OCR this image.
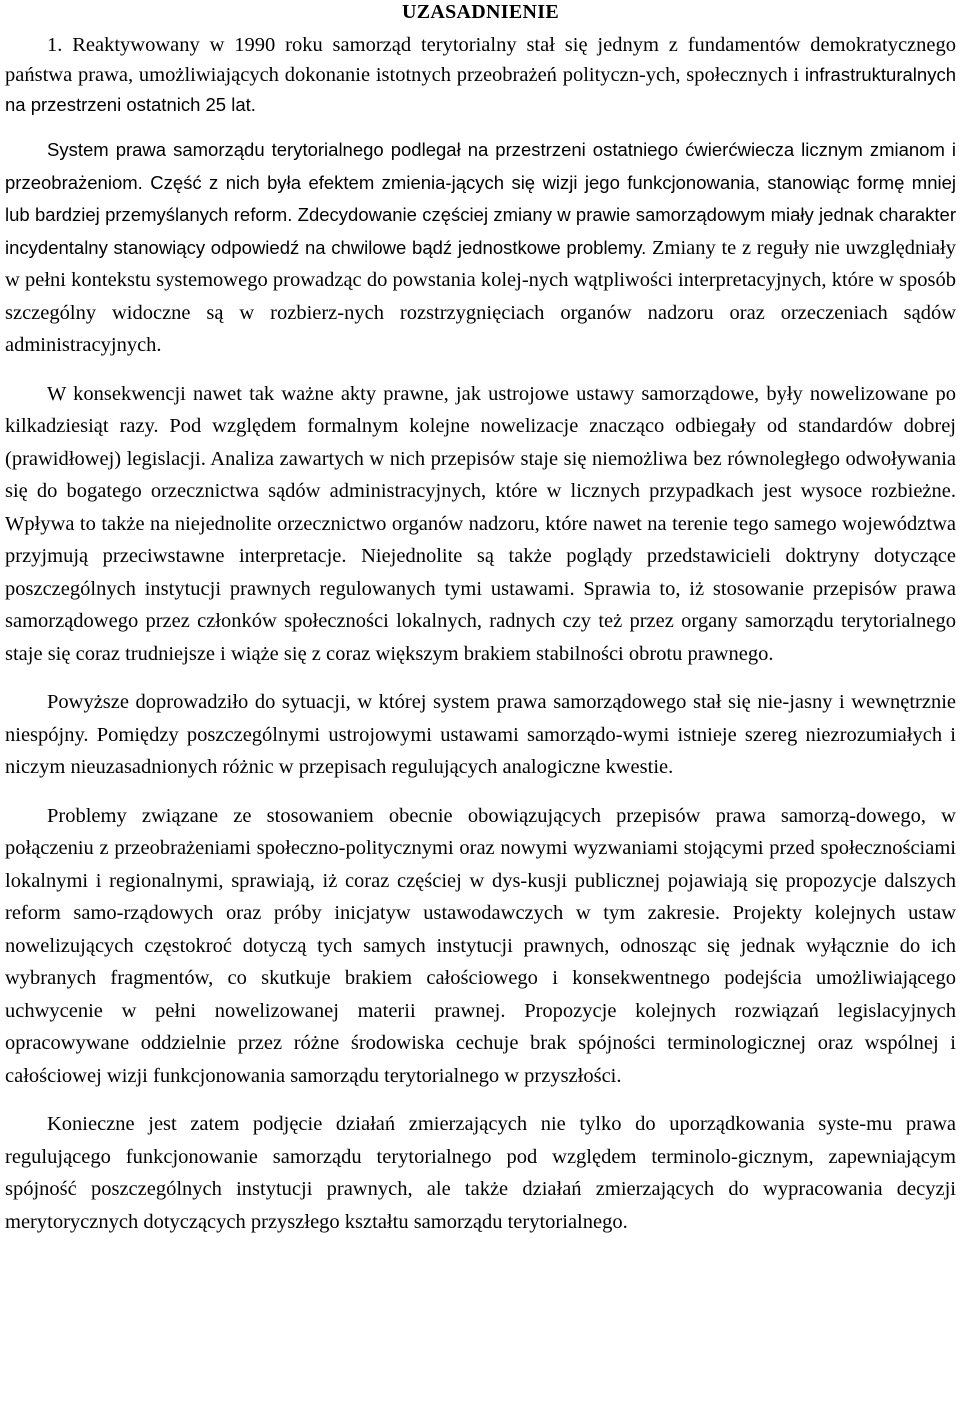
UZASADNIENIE

1. Reaktywowany w 1990 roku samorząd terytorialny stał się jednym z fundamentów demokratycznego państwa prawa, umożliwiających dokonanie istotnych przeobrażeń polityczn-ych, społecznych i infrastrukturalnych na przestrzeni ostatnich 25 lat.

System prawa samorządu terytorialnego podlegał na przestrzeni ostatniego ćwierćwiecza licznym zmianom i przeobrażeniom. Część z nich była efektem zmienia-jących się wizji jego funkcjonowania, stanowiąc formę mniej lub bardziej przemyślanych reform. Zdecydowanie częściej zmiany w prawie samorządowym miały jednak charakter incydentalny stanowiący odpowiedź na chwilowe bądź jednostkowe problemy. Zmiany te z reguły nie uwzględniały w pełni kontekstu systemowego prowadząc do powstania kolej-nych wątpliwości interpretacyjnych, które w sposób szczególny widoczne są w rozbierz-nych rozstrzygnięciach organów nadzoru oraz orzeczeniach sądów administracyjnych.

W konsekwencji nawet tak ważne akty prawne, jak ustrojowe ustawy samorządowe, były nowelizowane po kilkadziesiąt razy. Pod względem formalnym kolejne nowelizacje znacząco odbiegały od standardów dobrej (prawidłowej) legislacji. Analiza zawartych w nich przepisów staje się niemożliwa bez równoległego odwoływania się do bogatego orzecznictwa sądów administracyjnych, które w licznych przypadkach jest wysoce rozbieżne. Wpływa to także na niejednolite orzecznictwo organów nadzoru, które nawet na terenie tego samego województwa przyjmują przeciwstawne interpretacje. Niejednolite są także poglądy przedstawicieli doktryny dotyczące poszczególnych instytucji prawnych regulowanych tymi ustawami. Sprawia to, iż stosowanie przepisów prawa samorządowego przez członków społeczności lokalnych, radnych czy też przez organy samorządu terytorialnego staje się coraz trudniejsze i wiąże się z coraz większym brakiem stabilności obrotu prawnego.

Powyższe doprowadziło do sytuacji, w której system prawa samorządowego stał się nie-jasny i wewnętrznie niespójny. Pomiędzy poszczególnymi ustrojowymi ustawami samorządo-wymi istnieje szereg niezrozumiałych i niczym nieuzasadnionych różnic w przepisach regulujących analogiczne kwestie.

Problemy związane ze stosowaniem obecnie obowiązujących przepisów prawa samorzą-dowego, w połączeniu z przeobrażeniami społeczno-politycznymi oraz nowymi wyzwaniami stojącymi przed społecznościami lokalnymi i regionalnymi, sprawiają, iż coraz częściej w dys-kusji publicznej pojawiają się propozycje dalszych reform samo-rządowych oraz próby inicjatyw ustawodawczych w tym zakresie. Projekty kolejnych ustaw nowelizujących częstokroć dotyczą tych samych instytucji prawnych, odnosząc się jednak wyłącznie do ich wybranych fragmentów, co skutkuje brakiem całościowego i konsekwentnego podejścia umożliwiającego uchwycenie w pełni nowelizowanej materii prawnej. Propozycje kolejnych rozwiązań legislacyjnych opracowywane oddzielnie przez różne środowiska cechuje brak spójności terminologicznej oraz wspólnej i całościowej wizji funkcjonowania samorządu terytorialnego w przyszłości.

Konieczne jest zatem podjęcie działań zmierzających nie tylko do uporządkowania syste-mu prawa regulującego funkcjonowanie samorządu terytorialnego pod względem terminolo-gicznym, zapewniającym spójność poszczególnych instytucji prawnych, ale także działań zmierzających do wypracowania decyzji merytorycznych dotyczących przyszłego kształtu samorządu terytorialnego.
